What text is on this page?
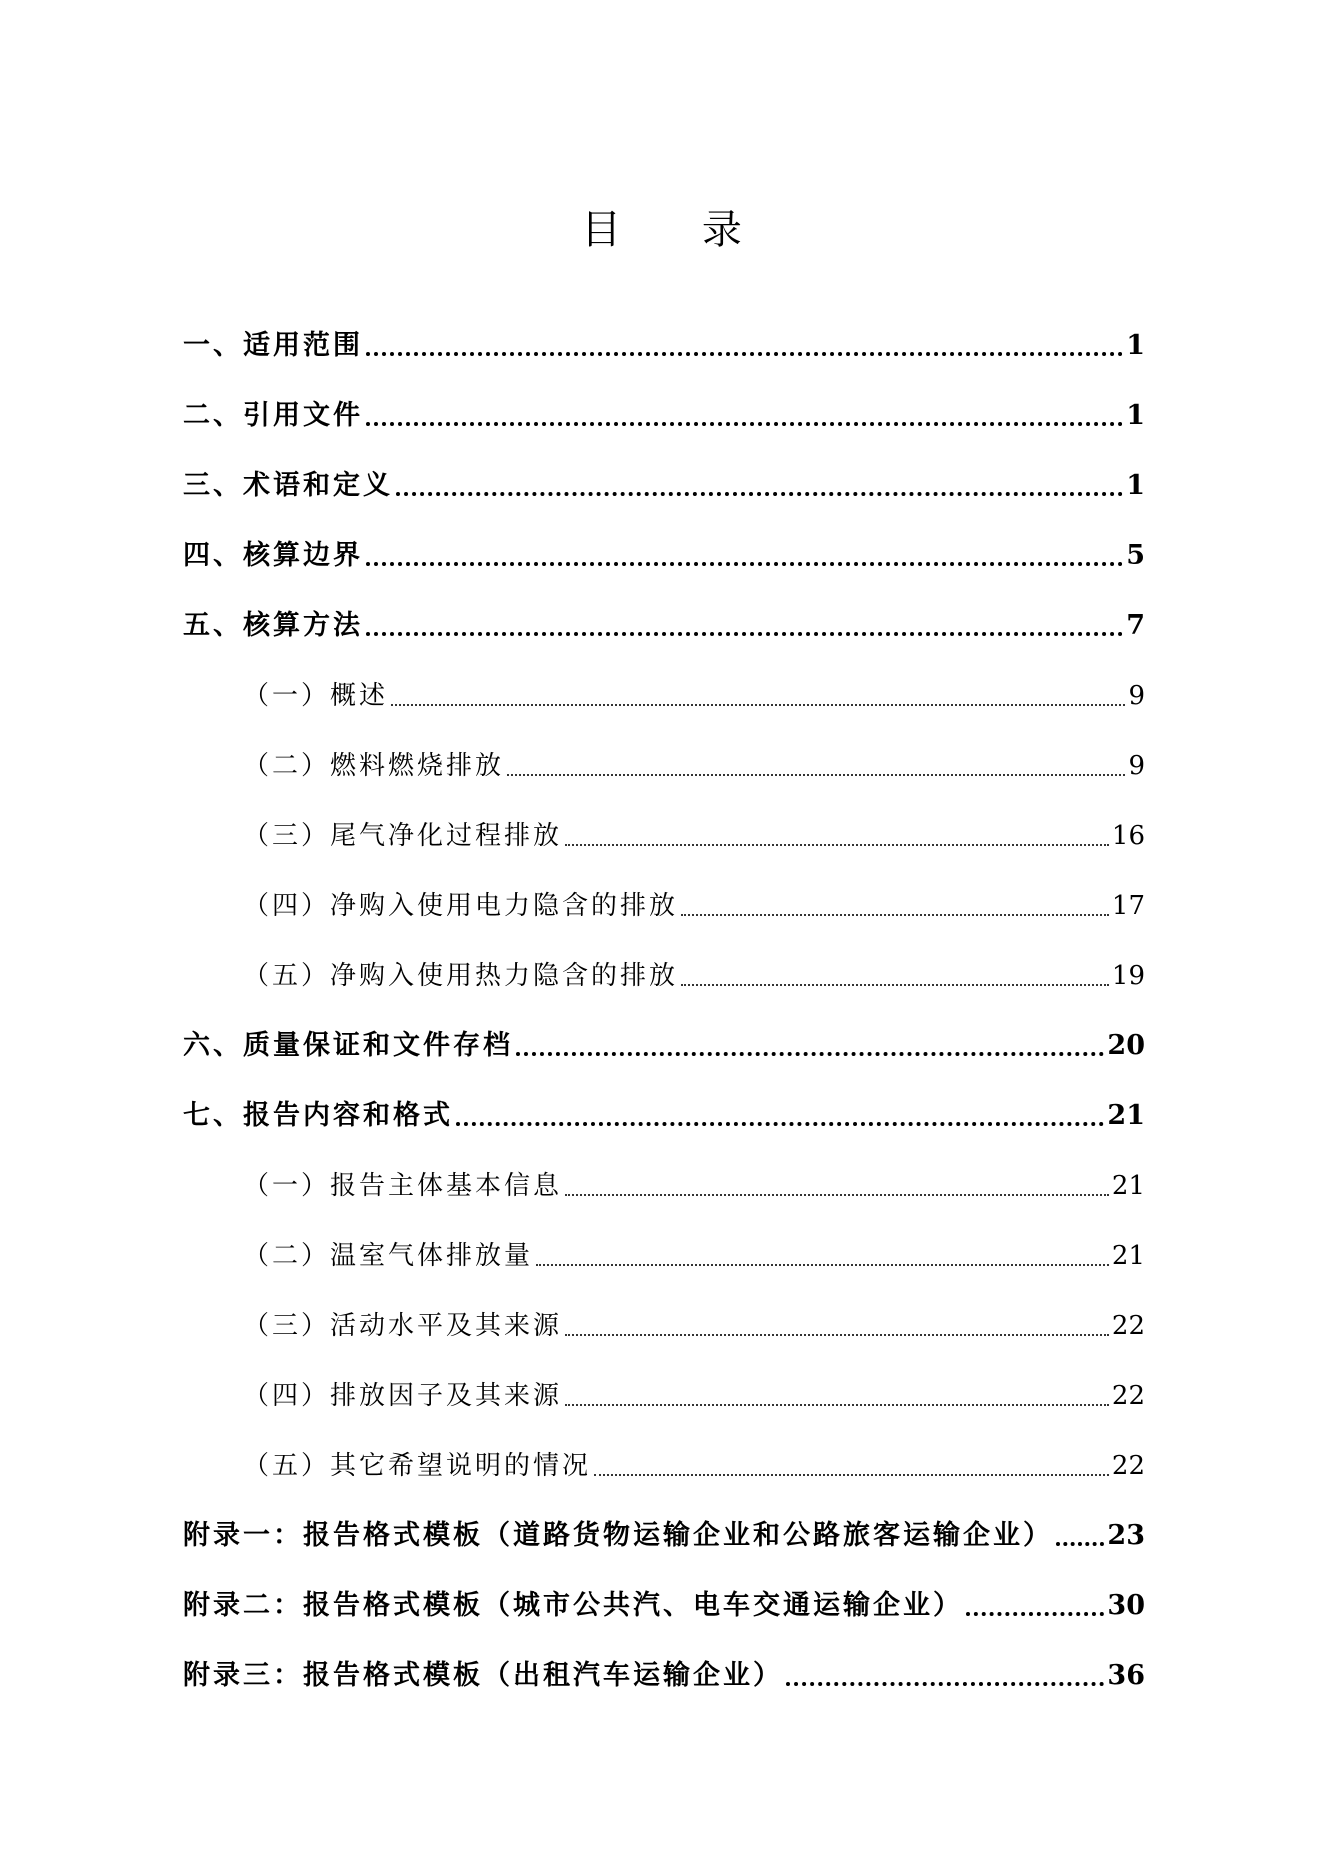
目 录
一、适用范围	1
二、引用文件	1
三、术语和定义	1
四、核算边界	5
五、核算方法	7
（一）概述	9
（二）燃料燃烧排放	9
（三）尾气净化过程排放	16
（四）净购入使用电力隐含的排放	17
（五）净购入使用热力隐含的排放	19
六、质量保证和文件存档	20
七、报告内容和格式	21
（一）报告主体基本信息	21
（二）温室气体排放量	21
（三）活动水平及其来源	22
（四）排放因子及其来源	22
（五）其它希望说明的情况	22
附录一：报告格式模板（道路货物运输企业和公路旅客运输企业） 23
附录二：报告格式模板（城市公共汽、电车交通运输企业）	30
附录三：报告格式模板（出租汽车运输企业）	36
